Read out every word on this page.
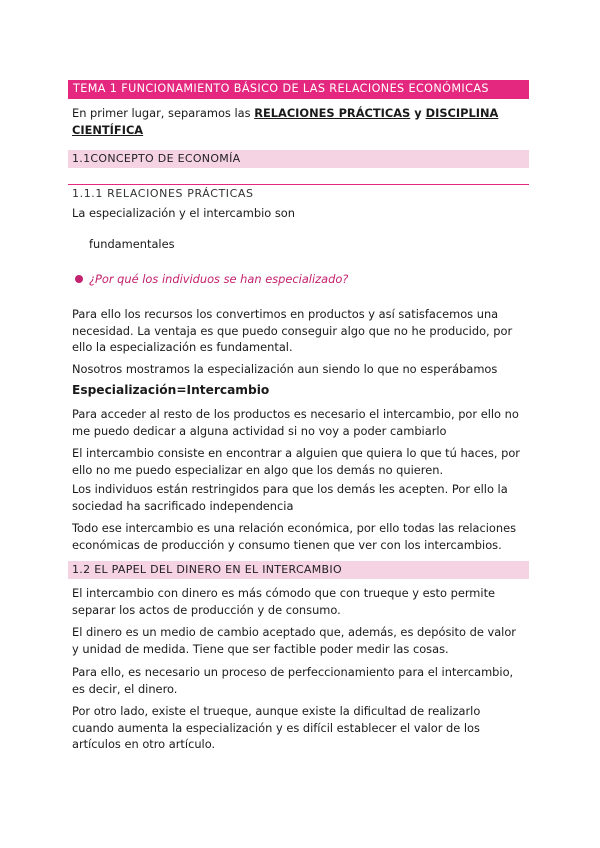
TEMA 1 FUNCIONAMIENTO BÁSICO DE LAS RELACIONES ECONÓMICAS

En primer lugar, separamos las RELACIONES PRÁCTICAS y DISCIPLINA CIENTÍFICA

1.1CONCEPTO DE ECONOMÍA
1.1.1 RELACIONES PRÁCTICAS

La especialización y el intercambio son

fundamentales

¿Por qué los individuos se han especializado?

Para ello los recursos los convertimos en productos y así satisfacemos una necesidad. La ventaja es que puedo conseguir algo que no he producido, por ello la especialización es fundamental.

Nosotros mostramos la especialización aun siendo lo que no esperábamos

Especialización=Intercambio

Para acceder al resto de los productos es necesario el intercambio, por ello no me puedo dedicar a alguna actividad si no voy a poder cambiarlo

El intercambio consiste en encontrar a alguien que quiera lo que tú haces, por ello no me puedo especializar en algo que los demás no quieren.

Los individuos están restringidos para que los demás les acepten. Por ello la sociedad ha sacrificado independencia

Todo ese intercambio es una relación económica, por ello todas las relaciones económicas de producción y consumo tienen que ver con los intercambios.

1.2 EL PAPEL DEL DINERO EN EL INTERCAMBIO

El intercambio con dinero es más cómodo que con trueque y esto permite separar los actos de producción y de consumo.

El dinero es un medio de cambio aceptado que, además, es depósito de valor y unidad de medida. Tiene que ser factible poder medir las cosas.

Para ello, es necesario un proceso de perfeccionamiento para el intercambio, es decir, el dinero.

Por otro lado, existe el trueque, aunque existe la dificultad de realizarlo cuando aumenta la especialización y es difícil establecer el valor de los artículos en otro artículo.
